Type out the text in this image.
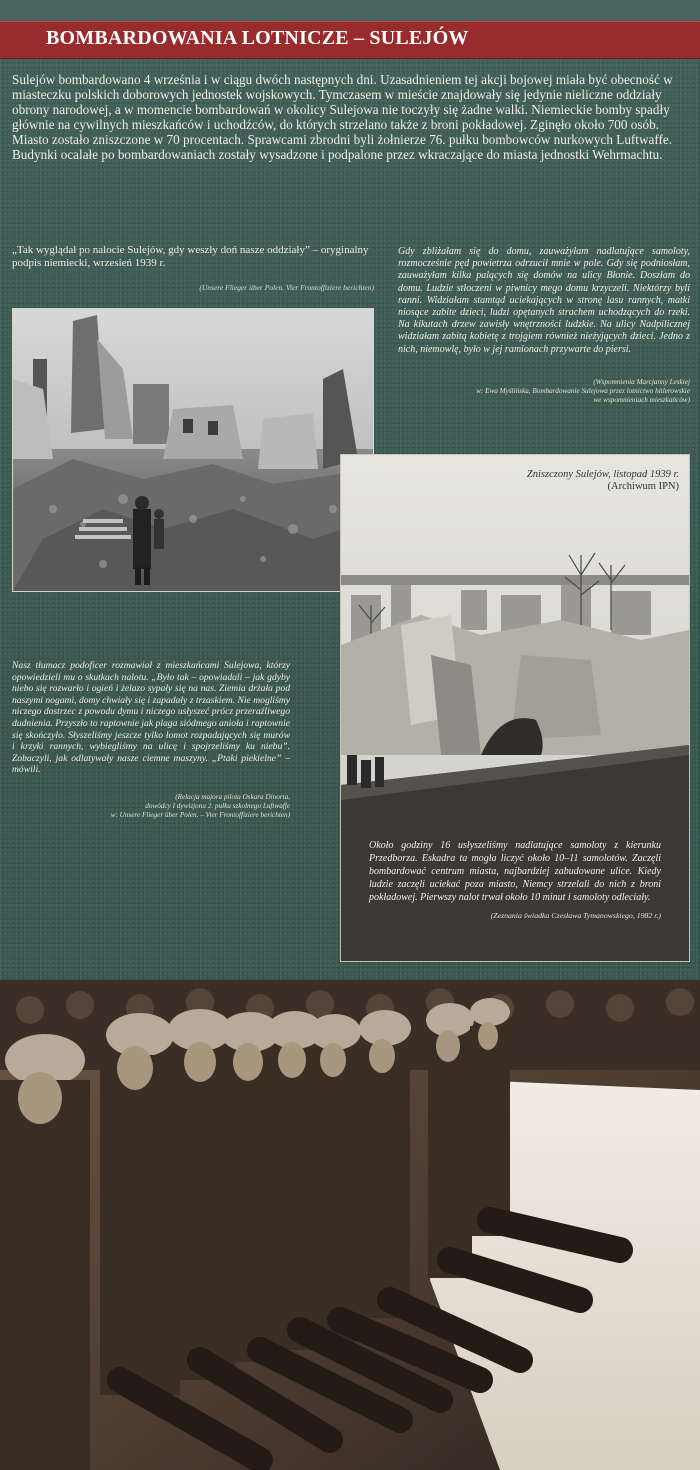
BOMBARDOWANIA LOTNICZE – SULEJÓW
Sulejów bombardowano 4 września i w ciągu dwóch następnych dni. Uzasadnieniem tej akcji bojowej miała być obecność w miasteczku polskich doborowych jednostek wojskowych. Tymczasem w mieście znajdowały się jedynie nieliczne oddziały obrony narodowej, a w momencie bombardowań w okolicy Sulejowa nie toczyły się żadne walki. Niemieckie bomby spadły głównie na cywilnych mieszkańców i uchodźców, do których strzelano także z broni pokładowej. Zginęło około 700 osób. Miasto zostało zniszczone w 70 procentach. Sprawcami zbrodni byli żołnierze 76. pułku bombowców nurkowych Luftwaffe.
Budynki ocalałe po bombardowaniach zostały wysadzone i podpalone przez wkraczające do miasta jednostki Wehrmachtu.
„Tak wyglądał po nalocie Sulejów, gdy weszły doń nasze oddziały” – oryginalny podpis niemiecki, wrzesień 1939 r.
(Unsere Flieger über Polen. Vier Frontoffiziere berichten)
Gdy zbliżałam się do domu, zauważyłam nadlatujące samoloty, rozmocześnie pęd powietrza odrzucił mnie w pole. Gdy się podniosłam, zauważyłam kilka palących się domów na ulicy Błonie. Doszłam do domu. Ludzie stłoczeni w piwnicy mego domu krzyczeli. Niektórzy byli ranni. Widziałam stamtąd uciekających w stronę lasu rannych, matki niosące zabite dzieci, ludzi opętanych strachem uchodzących do rzeki. Na kikutach drzew zawisły wnętrzności ludzkie. Na ulicy Nadpilicznej widziałam zabitą kobietę z trojgiem również nieżyjących dzieci. Jedno z nich, niemowlę, było w jej ramionach przywarte do piersi.
(Wspomnienia Marcjanny Leskiej
w: Ewa Myślińska, Bombardowanie Sulejowa przez lotnictwo hitlerowskie
we wspomnieniach mieszkańców)
Nasz tłumacz podoficer rozmawiał z mieszkańcami Sulejowa, którzy opowiedzieli mu o skutkach nalotu. „Było tak – opowiadali – jak gdyby niebo się rozwarło i ogień i żelazo sypały się na nas. Ziemia drżała pod naszymi nogami, domy chwiały się i zapadały z trzaskiem. Nie mogliśmy niczego dostrzec z powodu dymu i niczego usłyszeć prócz przeraźliwego dudnienia. Przyszło to raptownie jak plaga siódmego anioła i raptownie się skończyło. Słyszeliśmy jeszcze tylko łomot rozpadających się murów i krzyki rannych, wybiegliśmy na ulicę i spojrzeliśmy ku niebu”. Zobaczyli, jak odlatywały nasze ciemne maszyny. „Ptaki piekielne” – mówili.
(Relacja majora pilota Oskara Dinorta,
dowódcy I dywizjonu 2. pułku szkolnego Luftwaffe
w: Unsere Flieger über Polen. – Vier Frontoffiziere berichten)
Zniszczony Sulejów, listopad 1939 r.
(Archiwum IPN)
Około godziny 16 usłyszeliśmy nadlatujące samoloty z kierunku Przedborza. Eskadra ta mogła liczyć około 10–11 samolotów. Zaczęli bombardować centrum miasta, najbardziej zabudowane ulice. Kiedy ludzie zaczęli uciekać poza miasto, Niemcy strzelali do nich z broni pokładowej. Pierwszy nalot trwał około 10 minut i samoloty odleciały.
(Zeznania świadka Czesława Tymanowskiego, 1982 r.)
